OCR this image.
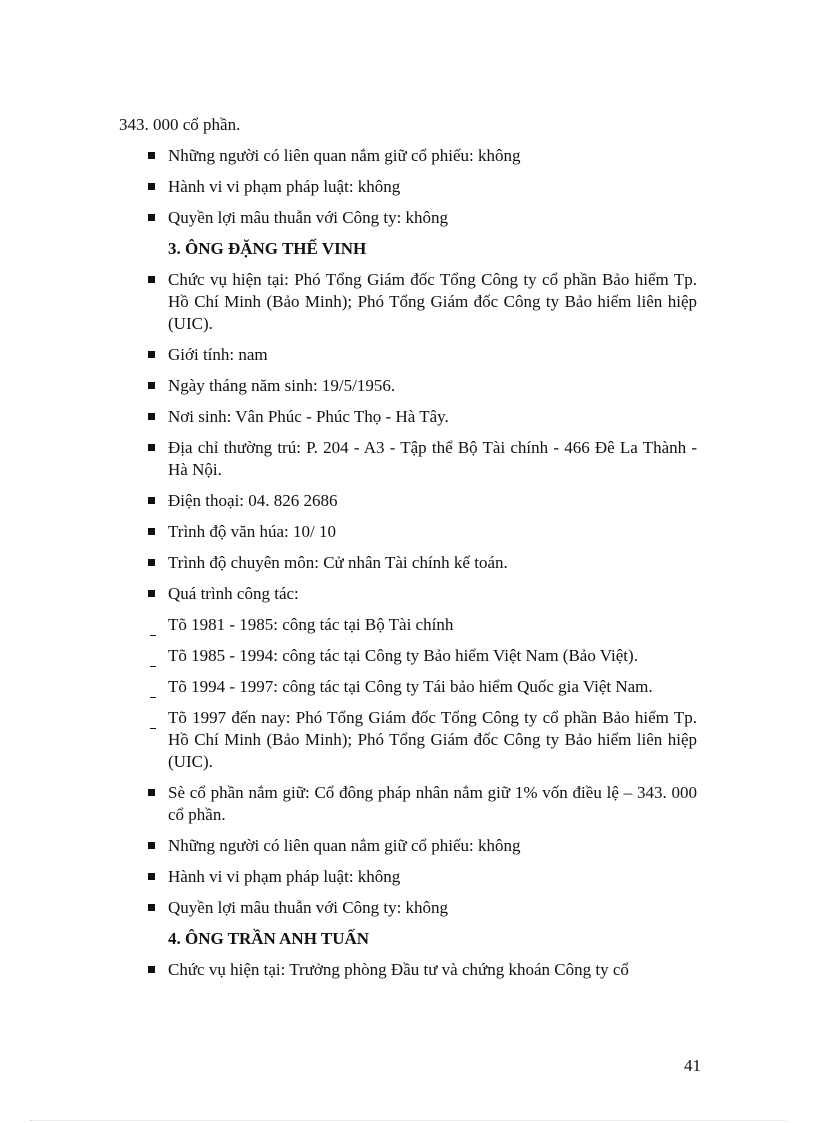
343. 000 cổ phần.
Những người có liên quan nắm giữ cổ phiếu: không
Hành vi vi phạm pháp luật: không
Quyền lợi mâu thuẫn với Công ty: không
3. ÔNG ĐẶNG THẾ VINH
Chức vụ hiện tại: Phó Tổng Giám đốc Tổng Công ty cổ phần Bảo hiểm Tp. Hồ Chí Minh (Bảo Minh); Phó Tổng Giám đốc Công ty Bảo hiểm liên hiệp (UIC).
Giới tính: nam
Ngày tháng năm sinh: 19/5/1956.
Nơi sinh: Vân Phúc - Phúc Thọ - Hà Tây.
Địa chỉ thường trú: P. 204 - A3 - Tập thể Bộ Tài chính - 466 Đê La Thành - Hà Nội.
Điện thoại: 04. 826 2686
Trình độ văn húa: 10/ 10
Trình độ chuyên môn: Cử nhân Tài chính kế toán.
Quá trình công tác:
Tõ 1981 - 1985: công tác tại Bộ Tài chính
Tõ 1985 - 1994: công tác tại Công ty Bảo hiểm Việt Nam (Bảo Việt).
Tõ 1994 - 1997: công tác tại Công ty Tái bảo hiểm Quốc gia Việt Nam.
Tõ 1997 đến nay: Phó Tổng Giám đốc Tổng Công ty cổ phần Bảo hiểm Tp. Hồ Chí Minh (Bảo Minh); Phó Tổng Giám đốc Công ty Bảo hiểm liên hiệp (UIC).
Sè cổ phần nắm giữ: Cổ đông pháp nhân nắm giữ 1% vốn điều lệ – 343. 000 cổ phần.
Những người có liên quan nắm giữ cổ phiếu: không
Hành vi vi phạm pháp luật: không
Quyền lợi mâu thuẫn với Công ty: không
4. ÔNG TRẦN ANH TUẤN
Chức vụ hiện tại: Trưởng phòng Đầu tư và chứng khoán Công ty cổ
41
